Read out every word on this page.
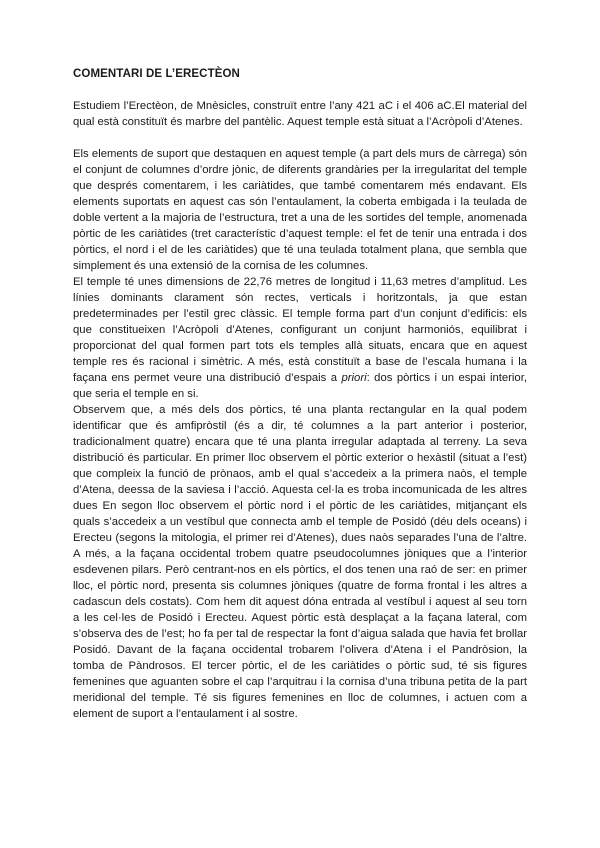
COMENTARI DE L’ERECTÈON

Estudiem l’Erectèon, de Mnèsicles, construït entre l’any 421 aC i el 406 aC.El material del qual està constituït és marbre del pantèlic. Aquest temple està situat a l’Acròpoli d’Atenes.

Els elements de suport que destaquen en aquest temple (a part dels murs de càrrega) són el conjunt de columnes d’ordre jònic, de diferents grandàries per la irregularitat del temple que després comentarem, i les cariàtides, que també comentarem més endavant. Els elements suportats en aquest cas són l’entaulament, la coberta embigada i la teulada de doble vertent a la majoria de l’estructura, tret a una de les sortides del temple, anomenada pòrtic de les cariàtides (tret característic d’aquest temple: el fet de tenir una entrada i dos pòrtics, el nord i el de les cariàtides) que té una teulada totalment plana, que sembla que simplement és una extensió de la cornisa de les columnes.

El temple té unes dimensions de 22,76 metres de longitud i 11,63 metres d’amplitud. Les línies dominants clarament són rectes, verticals i horitzontals, ja que estan predeterminades per l’estil grec clàssic. El temple forma part d’un conjunt d’edificis: els que constitueixen l’Acròpoli d’Atenes, configurant un conjunt harmoniós, equilibrat i proporcionat del qual formen part tots els temples allà situats, encara que en aquest temple res és racional i simètric. A més, està constituït a base de l’escala humana i la façana ens permet veure una distribució d’espais a priori: dos pòrtics i un espai interior, que seria el temple en si.

Observem que, a més dels dos pòrtics, té una planta rectangular en la qual podem identificar que és amfipròstil (és a dir, té columnes a la part anterior i posterior, tradicionalment quatre) encara que té una planta irregular adaptada al terreny. La seva distribució és particular. En primer lloc observem el pòrtic exterior o hexàstil (situat a l’est) que compleix la funció de prònaos, amb el qual s’accedeix a la primera naòs, el temple d’Atena, deessa de la saviesa i l’acció. Aquesta cel·la es troba incomunicada de les altres dues En segon lloc observem el pòrtic nord i el pòrtic de les cariàtides, mitjançant els quals s’accedeix a un vestíbul que connecta amb el temple de Posidó (déu dels oceans) i Erecteu (segons la mitologia, el primer rei d’Atenes), dues naòs separades l’una de l’altre. A més, a la façana occidental trobem quatre pseudocolumnes jòniques que a l’interior esdevenen pilars. Però centrant-nos en els pòrtics, el dos tenen una raó de ser: en primer lloc, el pòrtic nord, presenta sis columnes jòniques (quatre de forma frontal i les altres a cadascun dels costats). Com hem dit aquest dóna entrada al vestíbul i aquest al seu torn a les cel·les de Posidó i Erecteu. Aquest pòrtic està desplaçat a la façana lateral, com s’observa des de l’est; ho fa per tal de respectar la font d’aigua salada que havia fet brollar Posidó. Davant de la façana occidental trobarem l’olivera d’Atena i el Pandròsion, la tomba de Pàndrosos. El tercer pòrtic, el de les cariàtides o pòrtic sud, té sis figures femenines que aguanten sobre el cap l’arquitrau i la cornisa d’una tribuna petita de la part meridional del temple. Té sis figures femenines en lloc de columnes, i actuen com a element de suport a l’entaulament i al sostre.
